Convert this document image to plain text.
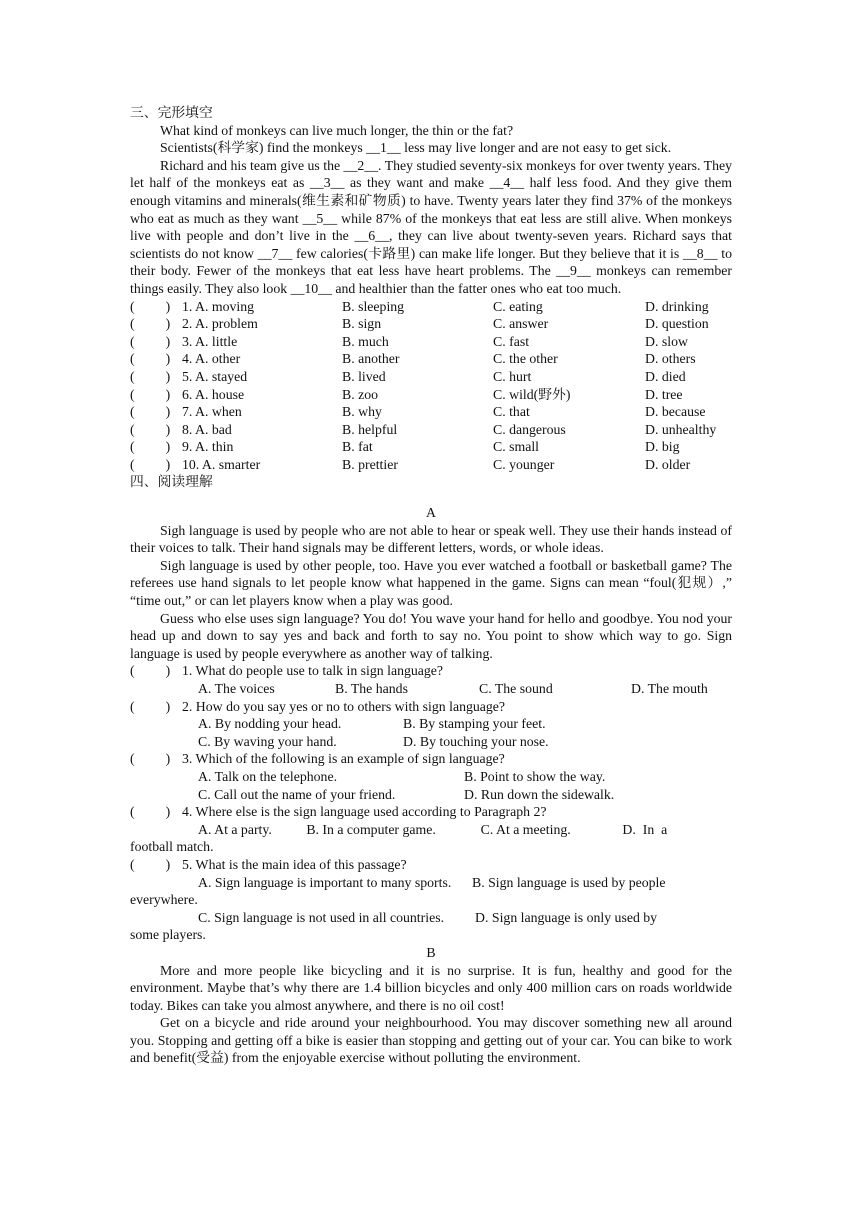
三、完形填空
What kind of monkeys can live much longer, the thin or the fat?
Scientists(科学家) find the monkeys __1__ less may live longer and are not easy to get sick.
Richard and his team give us the __2__. They studied seventy-six monkeys for over twenty years. They let half of the monkeys eat as __3__ as they want and make __4__ half less food. And they give them enough vitamins and minerals(维生素和矿物质) to have. Twenty years later they find 37% of the monkeys who eat as much as they want __5__ while 87% of the monkeys that eat less are still alive. When monkeys live with people and don’t live in the __6__, they can live about twenty-seven years. Richard says that scientists do not know __7__ few calories(卡路里) can make life longer. But they believe that it is __8__ to their body. Fewer of the monkeys that eat less have heart problems. The __9__ monkeys can remember things easily. They also look __10__ and healthier than the fatter ones who eat too much.
(         ) 1. A. moving	B. sleeping	C. eating	D. drinking
(         ) 2. A. problem	B. sign	C. answer	D. question
(         ) 3. A. little	B. much	C. fast	D. slow
(         ) 4. A. other	B. another	C. the other	D. others
(         ) 5. A. stayed	B. lived	C. hurt	D. died
(         ) 6. A. house	B. zoo	C. wild(野外)	D. tree
(         ) 7. A. when	B. why	C. that	D. because
(         ) 8. A. bad	B. helpful	C. dangerous	D. unhealthy
(         ) 9. A. thin	B. fat	C. small	D. big
(         ) 10. A. smarter	B. prettier	C. younger	D. older
四、阅读理解
A
Sigh language is used by people who are not able to hear or speak well. They use their hands instead of their voices to talk. Their hand signals may be different letters, words, or whole ideas.
Sigh language is used by other people, too. Have you ever watched a football or basketball game? The referees use hand signals to let people know what happened in the game. Signs can mean “foul(犯规）,” “time out,” or can let players know when a play was good.
Guess who else uses sign language? You do! You wave your hand for hello and goodbye. You nod your head up and down to say yes and back and forth to say no. You point to show which way to go. Sign language is used by people everywhere as another way of talking.
(         ) 1. What do people use to talk in sign language?
A. The voices	B. The hands	C. The sound	D. The mouth
(         ) 2. How do you say yes or no to others with sign language?
A. By nodding your head.	B. By stamping your feet.
C. By waving your hand.	D. By touching your nose.
(         ) 3. Which of the following is an example of sign language?
A. Talk on the telephone.	B. Point to show the way.
C. Call out the name of your friend.	D. Run down the sidewalk.
(         ) 4. Where else is the sign language used according to Paragraph 2?
A. At a party.          B. In a computer game.             C. At a meeting.               D.  In  a
football match.
(         ) 5. What is the main idea of this passage?
A. Sign language is important to many sports.      B. Sign language is used by people
everywhere.
C. Sign language is not used in all countries.         D. Sign language is only used by
some players.
B
More and more people like bicycling and it is no surprise. It is fun, healthy and good for the environment. Maybe that’s why there are 1.4 billion bicycles and only 400 million cars on roads worldwide today. Bikes can take you almost anywhere, and there is no oil cost!
Get on a bicycle and ride around your neighbourhood. You may discover something new all around you. Stopping and getting off a bike is easier than stopping and getting out of your car. You can bike to work and benefit(受益) from the enjoyable exercise without polluting the environment.
